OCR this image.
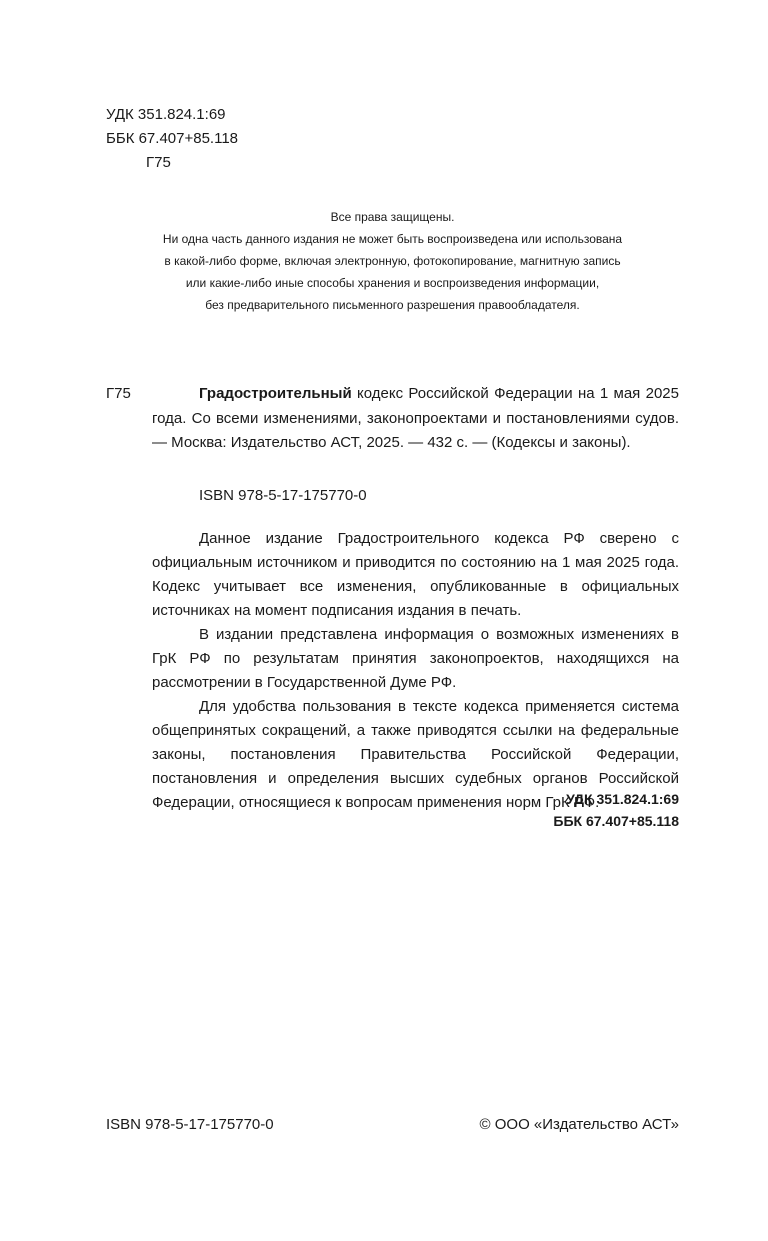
УДК 351.824.1:69
ББК 67.407+85.118
Г75
Все права защищены.
Ни одна часть данного издания не может быть воспроизведена или использована
в какой-либо форме, включая электронную, фотокопирование, магнитную запись
или какие-либо иные способы хранения и воспроизведения информации,
без предварительного письменного разрешения правообладателя.
Г75	Градостроительный кодекс Российской Федерации на 1 мая 2025 года. Со всеми изменениями, законопроектами и постановлениями судов. — Москва: Издательство АСТ, 2025. — 432 с. — (Кодексы и законы).

ISBN 978-5-17-175770-0

Данное издание Градостроительного кодекса РФ сверено с официальным источником и приводится по состоянию на 1 мая 2025 года. Кодекс учитывает все изменения, опубликованные в официальных источниках на момент подписания издания в печать.

В издании представлена информация о возможных изменениях в ГрК РФ по результатам принятия законопроектов, находящихся на рассмотрении в Государственной Думе РФ.

Для удобства пользования в тексте кодекса применяется система общепринятых сокращений, а также приводятся ссылки на федеральные законы, постановления Правительства Российской Федерации, постановления и определения высших судебных органов Российской Федерации, относящиеся к вопросам применения норм ГрК РФ.

УДК 351.824.1:69
ББК 67.407+85.118
ISBN 978-5-17-175770-0	© ООО «Издательство АСТ»
